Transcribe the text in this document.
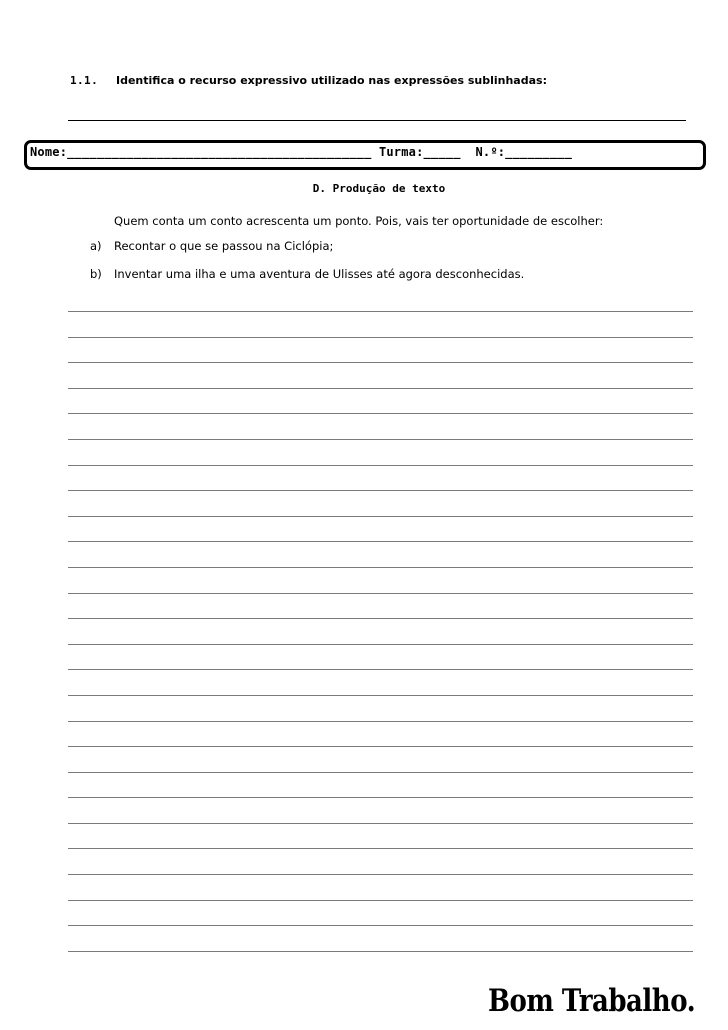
1.1. Identifica o recurso expressivo utilizado nas expressões sublinhadas:
Nome:_________________________________________ Turma:_____  N.º:_________
D. Produção de texto
Quem conta um conto acrescenta um ponto. Pois, vais ter oportunidade de escolher:
a) Recontar o que se passou na Ciclópia;
b) Inventar uma ilha e uma aventura de Ulisses até agora desconhecidas.
Bom Trabalho.
